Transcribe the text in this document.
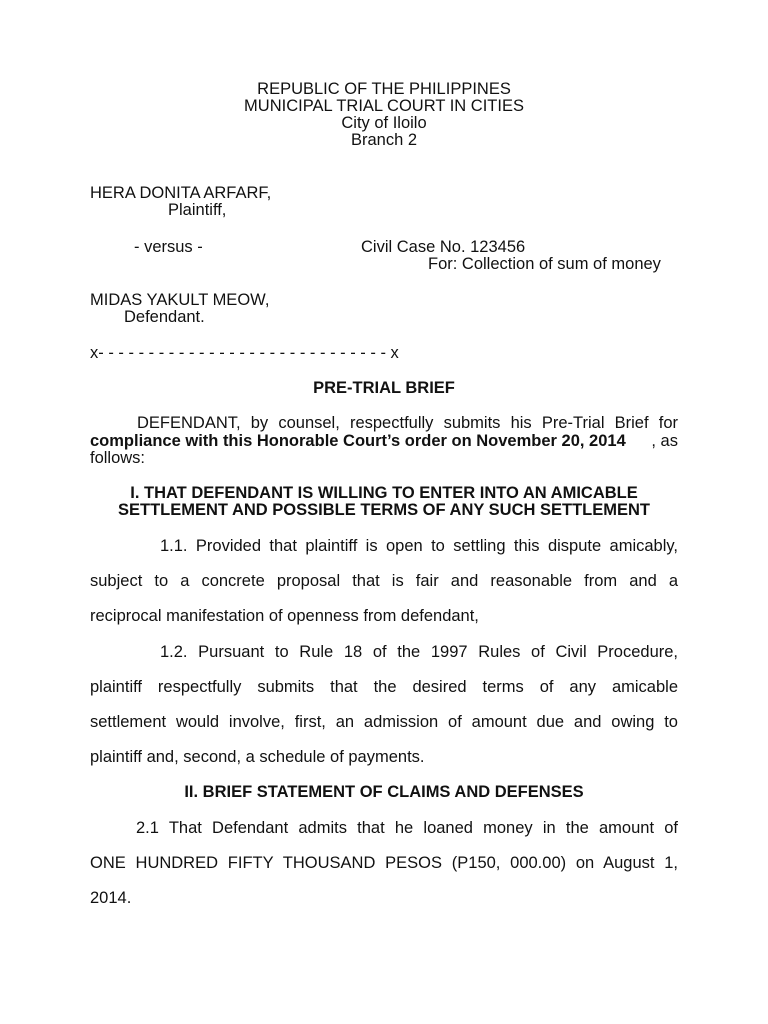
REPUBLIC OF THE PHILIPPINES
MUNICIPAL TRIAL COURT IN CITIES
City of Iloilo
Branch 2
HERA DONITA ARFARF,
Plaintiff,
- versus -	Civil Case No. 123456
For: Collection of sum of money
MIDAS YAKULT MEOW,
Defendant.
x- - - - - - - - - - - - - - - - - - - - - - - - - - - - - x
PRE-TRIAL BRIEF
DEFENDANT, by counsel, respectfully submits his Pre-Trial Brief for
compliance with this Honorable Court’s order on November 20, 2014 , as
follows:
I. THAT DEFENDANT IS WILLING TO ENTER INTO AN AMICABLE
SETTLEMENT AND POSSIBLE TERMS OF ANY SUCH SETTLEMENT
1.1. Provided that plaintiff is open to settling this dispute amicably,
subject to a concrete proposal that is fair and reasonable from and a
reciprocal manifestation of openness from defendant,
1.2. Pursuant to Rule 18 of the 1997 Rules of Civil Procedure,
plaintiff respectfully submits that the desired terms of any amicable
settlement would involve, first, an admission of amount due and owing to
plaintiff and, second, a schedule of payments.
II. BRIEF STATEMENT OF CLAIMS AND DEFENSES
2.1 That Defendant admits that he loaned money in the amount of
ONE HUNDRED FIFTY THOUSAND PESOS (P150, 000.00) on August 1,
2014.
